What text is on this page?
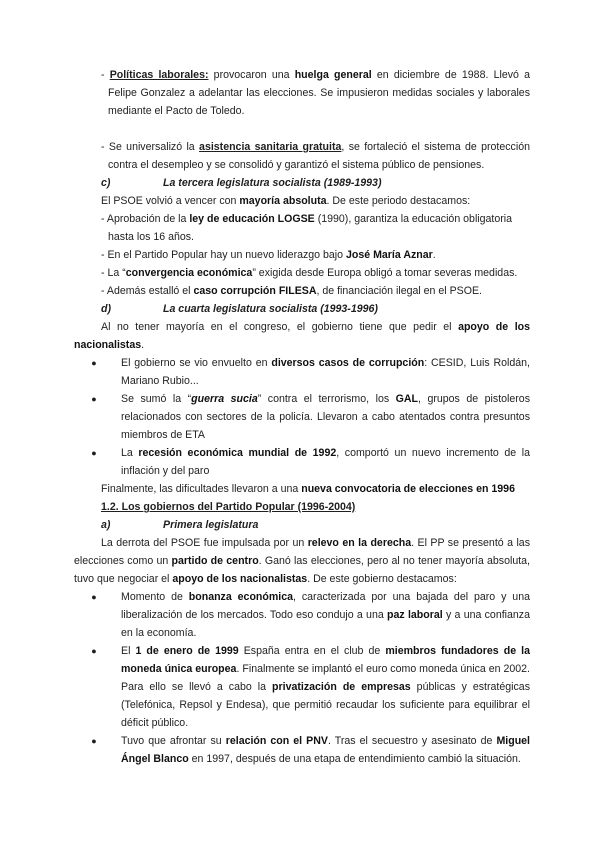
- Políticas laborales: provocaron una huelga general en diciembre de 1988. Llevó a Felipe Gonzalez a adelantar las elecciones. Se impusieron medidas sociales y laborales mediante el Pacto de Toledo.

- Se universalizó la asistencia sanitaria gratuita, se fortaleció el sistema de protección contra el desempleo y se consolidó y garantizó el sistema público de pensiones.

c)	La tercera legislatura socialista (1989-1993)

El PSOE volvió a vencer con mayoría absoluta. De este periodo destacamos:

- Aprobación de la ley de educación LOGSE (1990), garantiza la educación obligatoria hasta los 16 años.

- En el Partido Popular hay un nuevo liderazgo bajo José María Aznar.

- La “convergencia económica” exigida desde Europa obligó a tomar severas medidas.

- Además estalló el caso corrupción FILESA, de financiación ilegal en el PSOE.

d)	La cuarta legislatura socialista (1993-1996)

Al no tener mayoría en el congreso, el gobierno tiene que pedir el apoyo de los nacionalistas.

● El gobierno se vio envuelto en diversos casos de corrupción: CESID, Luis Roldán, Mariano Rubio...
● Se sumó la “guerra sucia” contra el terrorismo, los GAL, grupos de pistoleros relacionados con sectores de la policía. Llevaron a cabo atentados contra presuntos miembros de ETA
● La recesión económica mundial de 1992, comportó un nuevo incremento de la inflación y del paro

Finalmente, las dificultades llevaron a una nueva convocatoria de elecciones en 1996

1.2. Los gobiernos del Partido Popular (1996-2004)

a)	Primera legislatura

La derrota del PSOE fue impulsada por un relevo en la derecha. El PP se presentó a las elecciones como un partido de centro. Ganó las elecciones, pero al no tener mayoría absoluta, tuvo que negociar el apoyo de los nacionalistas. De este gobierno destacamos:

● Momento de bonanza económica, caracterizada por una bajada del paro y una liberalización de los mercados. Todo eso condujo a una paz laboral y a una confianza en la economía.
● El 1 de enero de 1999 España entra en el club de miembros fundadores de la moneda única europea. Finalmente se implantó el euro como moneda única en 2002. Para ello se llevó a cabo la privatización de empresas públicas y estratégicas (Telefónica, Repsol y Endesa), que permitió recaudar los suficiente para equilibrar el déficit público.
● Tuvo que afrontar su relación con el PNV. Tras el secuestro y asesinato de Miguel Ángel Blanco en 1997, después de una etapa de entendimiento cambió la situación.
